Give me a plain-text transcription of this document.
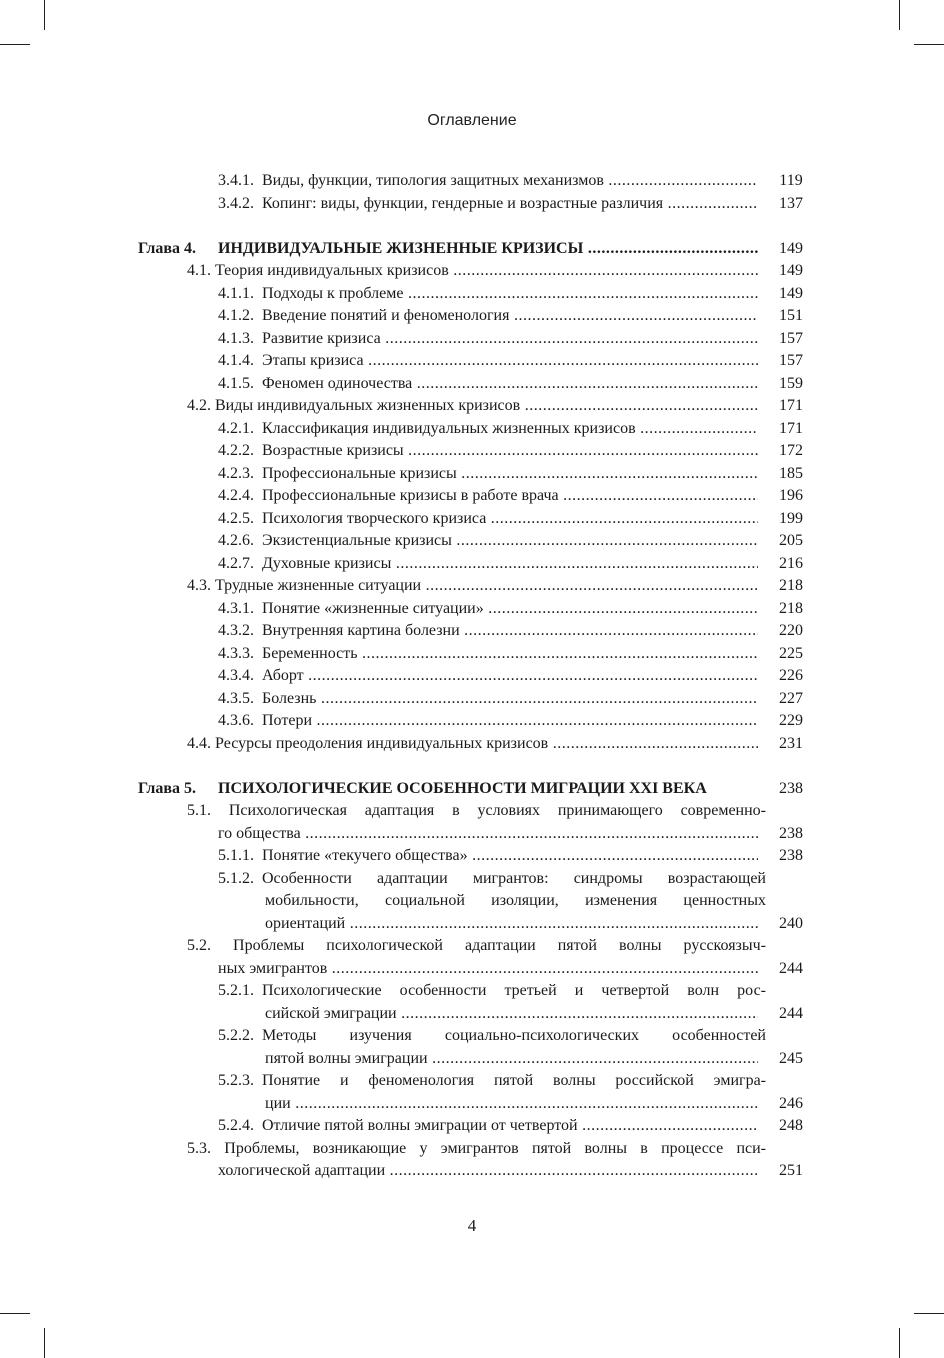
Оглавление
3.4.1.  Виды, функции, типология защитных механизмов .....	119
3.4.2.  Копинг: виды, функции, гендерные и возрастные различия .....	137
Глава 4. ИНДИВИДУАЛЬНЫЕ ЖИЗНЕННЫЕ КРИЗИСЫ .....	149
4.1. Теория индивидуальных кризисов .....	149
4.1.1.  Подходы к проблеме .....	149
4.1.2.  Введение понятий и феноменология .....	151
4.1.3.  Развитие кризиса .....	157
4.1.4.  Этапы кризиса .....	157
4.1.5.  Феномен одиночества .....	159
4.2. Виды индивидуальных жизненных кризисов .....	171
4.2.1.  Классификация индивидуальных жизненных кризисов .....	171
4.2.2.  Возрастные кризисы .....	172
4.2.3.  Профессиональные кризисы .....	185
4.2.4.  Профессиональные кризисы в работе врача .....	196
4.2.5.  Психология творческого кризиса .....	199
4.2.6.  Экзистенциальные кризисы .....	205
4.2.7.  Духовные кризисы .....	216
4.3. Трудные жизненные ситуации .....	218
4.3.1.  Понятие «жизненные ситуации» .....	218
4.3.2.  Внутренняя картина болезни .....	220
4.3.3.  Беременность .....	225
4.3.4.  Аборт .....	226
4.3.5.  Болезнь .....	227
4.3.6.  Потери .....	229
4.4. Ресурсы преодоления индивидуальных кризисов .....	231
Глава 5. ПСИХОЛОГИЧЕСКИЕ ОСОБЕННОСТИ МИГРАЦИИ XXI ВЕКА	238
5.1. Психологическая адаптация в условиях принимающего современно-
го общества .....	238
5.1.1.  Понятие «текучего общества» .....	238
5.1.2.  Особенности адаптации мигрантов: синдромы возрастающей
мобильности, социальной изоляции, изменения ценностных
ориентаций .....	240
5.2. Проблемы психологической адаптации пятой волны русскоязыч-
ных эмигрантов .....	244
5.2.1.  Психологические особенности третьей и четвертой волн рос-
сийской эмиграции .....	244
5.2.2.  Методы изучения социально-психологических особенностей
пятой волны эмиграции .....	245
5.2.3.  Понятие и феноменология пятой волны российской эмигра-
ции .....	246
5.2.4.  Отличие пятой волны эмиграции от четвертой .....	248
5.3. Проблемы, возникающие у эмигрантов пятой волны в процессе пси-
хологической адаптации .....	251
4
